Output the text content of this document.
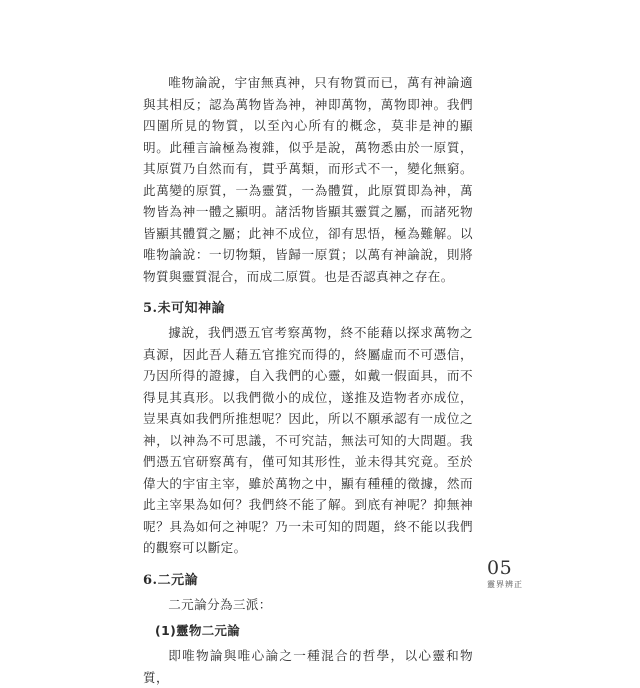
唯物論說，宇宙無真神，只有物質而已，萬有神論適與其相反；認為萬物皆為神，神即萬物，萬物即神。我們四圍所見的物質，以至內心所有的概念，莫非是神的顯明。此種言論極為複雜，似乎是說，萬物悉由於一原質，其原質乃自然而有，貫乎萬類，而形式不一，變化無窮。此萬變的原質，一為靈質，一為體質，此原質即為神，萬物皆為神一體之顯明。諸活物皆顯其靈質之屬，而諸死物皆顯其體質之屬；此神不成位，卻有思悟，極為難解。以唯物論說：一切物類，皆歸一原質；以萬有神論說，則將物質與靈質混合，而成二原質。也是否認真神之存在。

5.未可知神論

據說，我們憑五官考察萬物，終不能藉以探求萬物之真源，因此吾人藉五官推究而得的，終屬虛而不可憑信，乃因所得的證據，自入我們的心靈，如戴一假面具，而不得見其真形。以我們微小的成位，遂推及造物者亦成位，豈果真如我們所推想呢？因此，所以不願承認有一成位之神，以神為不可思議，不可究詰，無法可知的大問題。我們憑五官研察萬有，僅可知其形性，並未得其究竟。至於偉大的宇宙主宰，雖於萬物之中，顯有種種的徵據，然而此主宰果為如何？我們終不能了解。到底有神呢？抑無神呢？具為如何之神呢？乃一未可知的問題，終不能以我們的觀察可以斷定。

6.二元論

二元論分為三派：

(1)靈物二元論

即唯物論與唯心論之一種混合的哲學，以心靈和物質，

05
靈界辨正
